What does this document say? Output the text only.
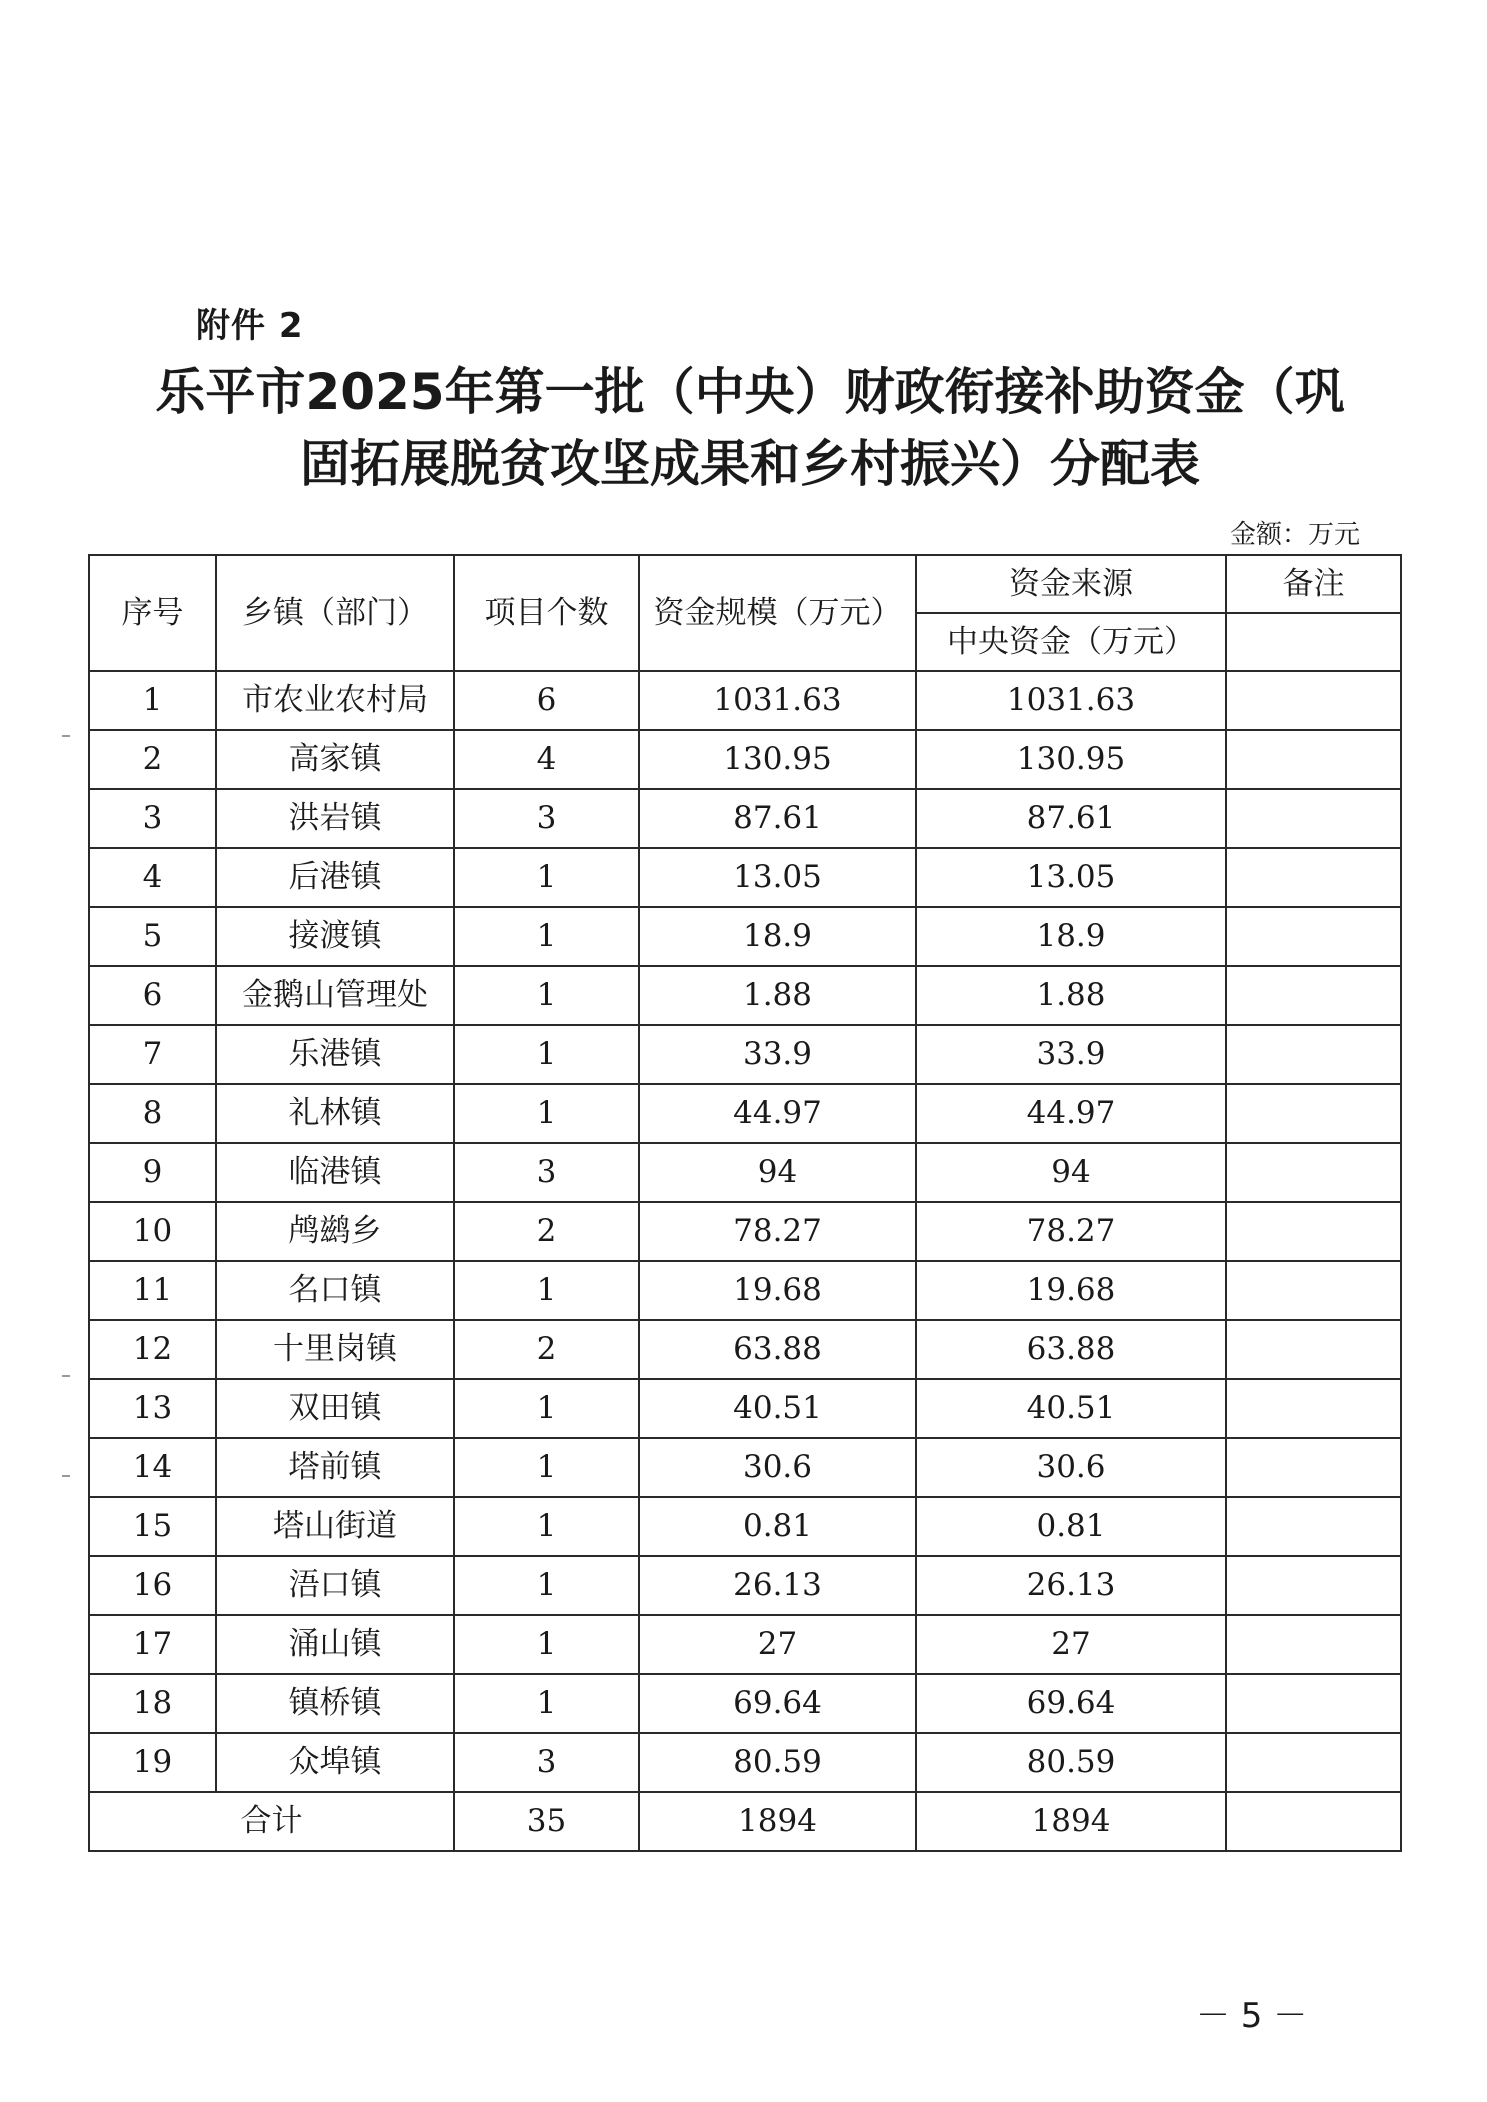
附件 2
乐平市2025年第一批（中央）财政衔接补助资金（巩
固拓展脱贫攻坚成果和乡村振兴）分配表
金额：万元
序号	乡镇（部门）	项目个数	资金规模（万元）	资金来源	备注
				中央资金（万元）	
1	市农业农村局	6	1031.63	1031.63	
2	高家镇	4	130.95	130.95	
3	洪岩镇	3	87.61	87.61	
4	后港镇	1	13.05	13.05	
5	接渡镇	1	18.9	18.9	
6	金鹅山管理处	1	1.88	1.88	
7	乐港镇	1	33.9	33.9	
8	礼林镇	1	44.97	44.97	
9	临港镇	3	94	94	
10	鸬鹚乡	2	78.27	78.27	
11	名口镇	1	19.68	19.68	
12	十里岗镇	2	63.88	63.88	
13	双田镇	1	40.51	40.51	
14	塔前镇	1	30.6	30.6	
15	塔山街道	1	0.81	0.81	
16	浯口镇	1	26.13	26.13	
17	涌山镇	1	27	27	
18	镇桥镇	1	69.64	69.64	
19	众埠镇	3	80.59	80.59	
合计		35	1894	1894	
－ 5 －
